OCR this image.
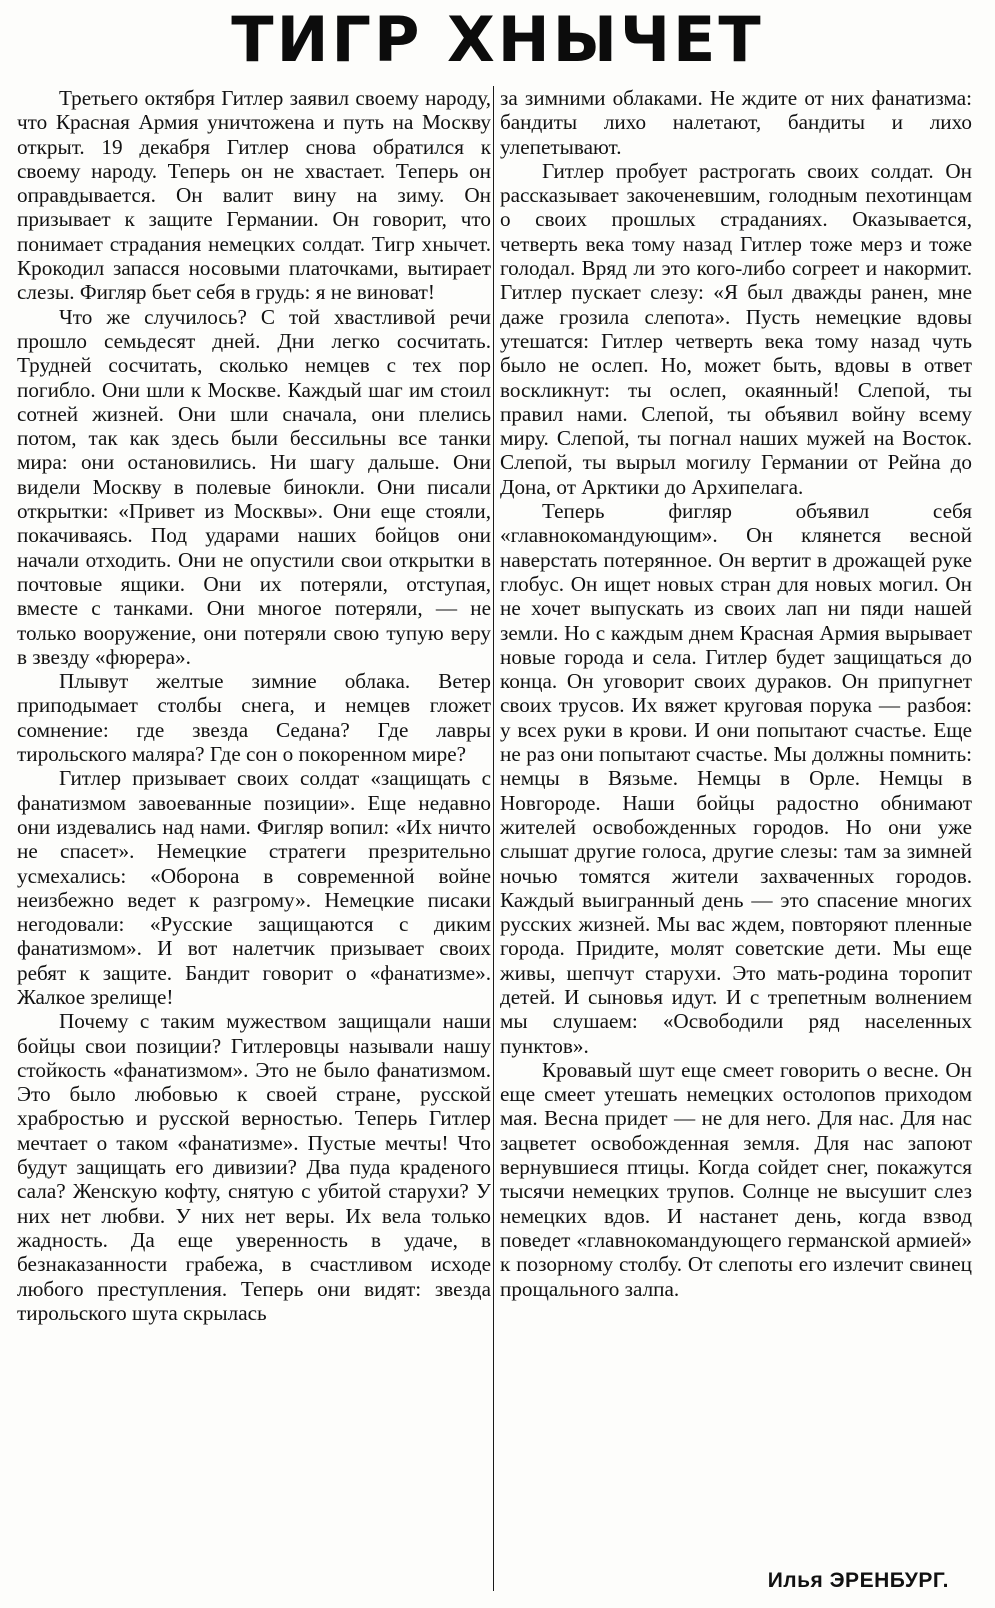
ТИГР ХНЫЧЕТ

Третьего октября Гитлер заявил своему народу, что Красная Армия уничтожена и путь на Москву открыт. 19 декабря Гитлер снова обратился к своему народу. Теперь он не хвастает. Теперь он оправдывается. Он валит вину на зиму. Он призывает к защите Германии. Он говорит, что понимает страдания немецких солдат. Тигр хнычет. Крокодил запасся носовыми платочками, вытирает слезы. Фигляр бьет себя в грудь: я не виноват!

Что же случилось? С той хвастливой речи прошло семьдесят дней. Дни легко сосчитать. Трудней сосчитать, сколько немцев с тех пор погибло. Они шли к Москве. Каждый шаг им стоил сотней жизней. Они шли сначала, они плелись потом, так как здесь были бессильны все танки мира: они остановились. Ни шагу дальше. Они видели Москву в полевые бинокли. Они писали открытки: «Привет из Москвы». Они еще стояли, покачиваясь. Под ударами наших бойцов они начали отходить. Они не опустили свои открытки в почтовые ящики. Они их потеряли, отступая, вместе с танками. Они многое потеряли, — не только вооружение, они потеряли свою тупую веру в звезду «фюрера».

Плывут желтые зимние облака. Ветер приподымает столбы снега, и немцев гложет сомнение: где звезда Седана? Где лавры тирольского маляра? Где сон о покоренном мире?

Гитлер призывает своих солдат «защищать с фанатизмом завоеванные позиции». Еще недавно они издевались над нами. Фигляр вопил: «Их ничто не спасет». Немецкие стратеги презрительно усмехались: «Оборона в современной войне неизбежно ведет к разгрому». Немецкие писаки негодовали: «Русские защищаются с диким фанатизмом». И вот налетчик призывает своих ребят к защите. Бандит говорит о «фанатизме». Жалкое зрелище!

Почему с таким мужеством защищали наши бойцы свои позиции? Гитлеровцы называли нашу стойкость «фанатизмом». Это не было фанатизмом. Это было любовью к своей стране, русской храбростью и русской верностью. Теперь Гитлер мечтает о таком «фанатизме». Пустые мечты! Что будут защищать его дивизии? Два пуда краденого сала? Женскую кофту, снятую с убитой старухи? У них нет любви. У них нет веры. Их вела только жадность. Да еще уверенность в удаче, в безнаказанности грабежа, в счастливом исходе любого преступления. Теперь они видят: звезда тирольского шута скрылась

за зимними облаками. Не ждите от них фанатизма: бандиты лихо налетают, бандиты и лихо улепетывают.

Гитлер пробует растрогать своих солдат. Он рассказывает закоченевшим, голодным пехотинцам о своих прошлых страданиях. Оказывается, четверть века тому назад Гитлер тоже мерз и тоже голодал. Вряд ли это кого-либо согреет и накормит. Гитлер пускает слезу: «Я был дважды ранен, мне даже грозила слепота». Пусть немецкие вдовы утешатся: Гитлер четверть века тому назад чуть было не ослеп. Но, может быть, вдовы в ответ воскликнут: ты ослеп, окаянный! Слепой, ты правил нами. Слепой, ты объявил войну всему миру. Слепой, ты погнал наших мужей на Восток. Слепой, ты вырыл могилу Германии от Рейна до Дона, от Арктики до Архипелага.

Теперь фигляр объявил себя «главнокомандующим». Он клянется весной наверстать потерянное. Он вертит в дрожащей руке глобус. Он ищет новых стран для новых могил. Он не хочет выпускать из своих лап ни пяди нашей земли. Но с каждым днем Красная Армия вырывает новые города и села. Гитлер будет защищаться до конца. Он уговорит своих дураков. Он припугнет своих трусов. Их вяжет круговая порука — разбоя: у всех руки в крови. И они попытают счастье. Еще не раз они попытают счастье. Мы должны помнить: немцы в Вязьме. Немцы в Орле. Немцы в Новгороде. Наши бойцы радостно обнимают жителей освобожденных городов. Но они уже слышат другие голоса, другие слезы: там за зимней ночью томятся жители захваченных городов. Каждый выигранный день — это спасение многих русских жизней. Мы вас ждем, повторяют пленные города. Придите, молят советские дети. Мы еще живы, шепчут старухи. Это мать-родина торопит детей. И сыновья идут. И с трепетным волнением мы слушаем: «Освободили ряд населенных пунктов».

Кровавый шут еще смеет говорить о весне. Он еще смеет утешать немецких остолопов приходом мая. Весна придет — не для него. Для нас. Для нас зацветет освобожденная земля. Для нас запоют вернувшиеся птицы. Когда сойдет снег, покажутся тысячи немецких трупов. Солнце не высушит слез немецких вдов. И настанет день, когда взвод поведет «главнокомандующего германской армией» к позорному столбу. От слепоты его излечит свинец прощального залпа.

Илья ЭРЕНБУРГ.
